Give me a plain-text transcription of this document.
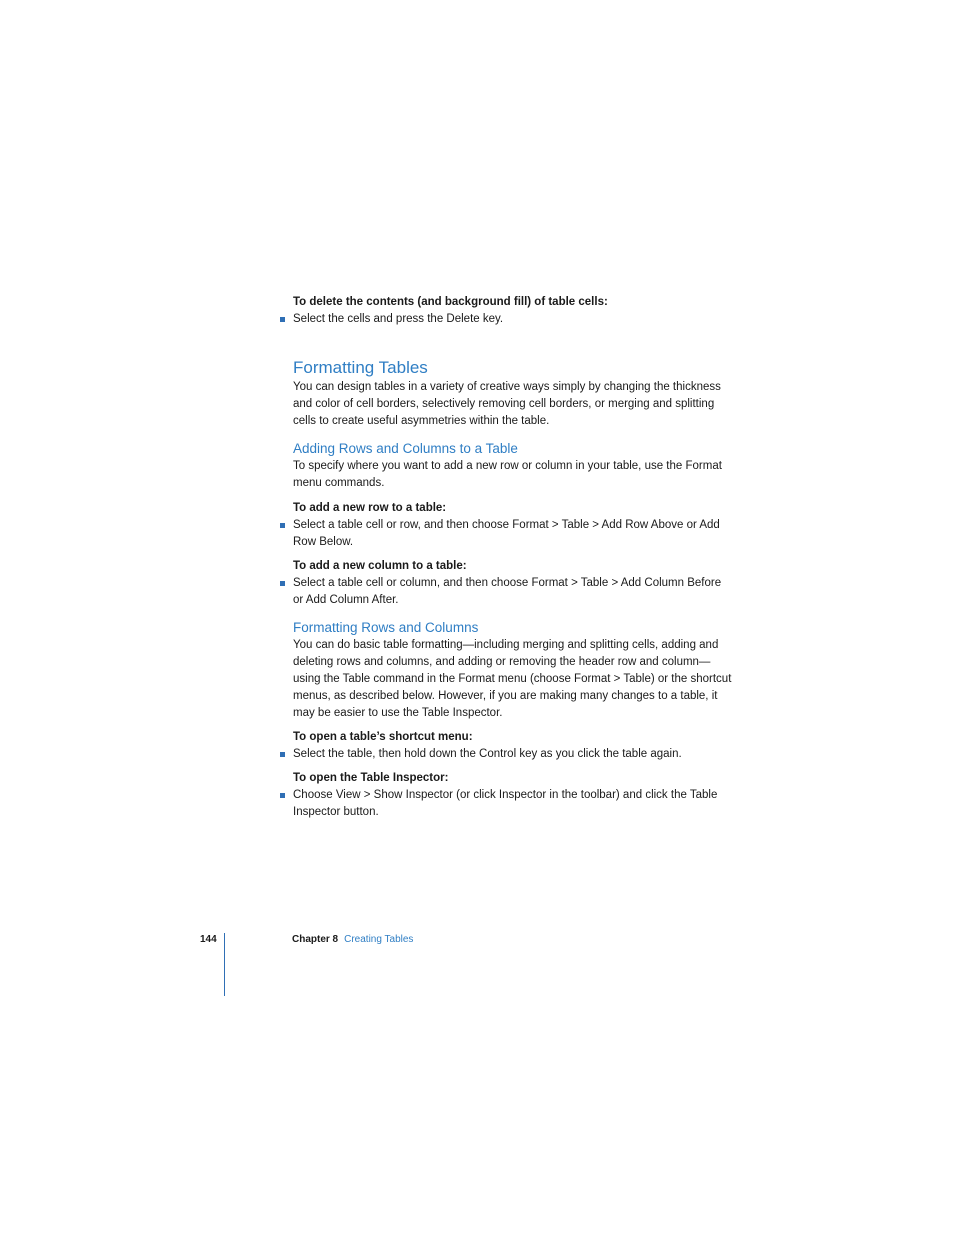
To delete the contents (and background fill) of table cells:

Select the cells and press the Delete key.
Formatting Tables

You can design tables in a variety of creative ways simply by changing the thickness and color of cell borders, selectively removing cell borders, or merging and splitting cells to create useful asymmetries within the table.

Adding Rows and Columns to a Table

To specify where you want to add a new row or column in your table, use the Format menu commands.

To add a new row to a table:

Select a table cell or row, and then choose Format > Table > Add Row Above or Add Row Below.

To add a new column to a table:

Select a table cell or column, and then choose Format > Table > Add Column Before or Add Column After.
Formatting Rows and Columns

You can do basic table formatting—including merging and splitting cells, adding and deleting rows and columns, and adding or removing the header row and column—using the Table command in the Format menu (choose Format > Table) or the shortcut menus, as described below. However, if you are making many changes to a table, it may be easier to use the Table Inspector.

To open a table’s shortcut menu:

Select the table, then hold down the Control key as you click the table again.

To open the Table Inspector:

Choose View > Show Inspector (or click Inspector in the toolbar) and click the Table Inspector button.
144	Chapter 8 Creating Tables
